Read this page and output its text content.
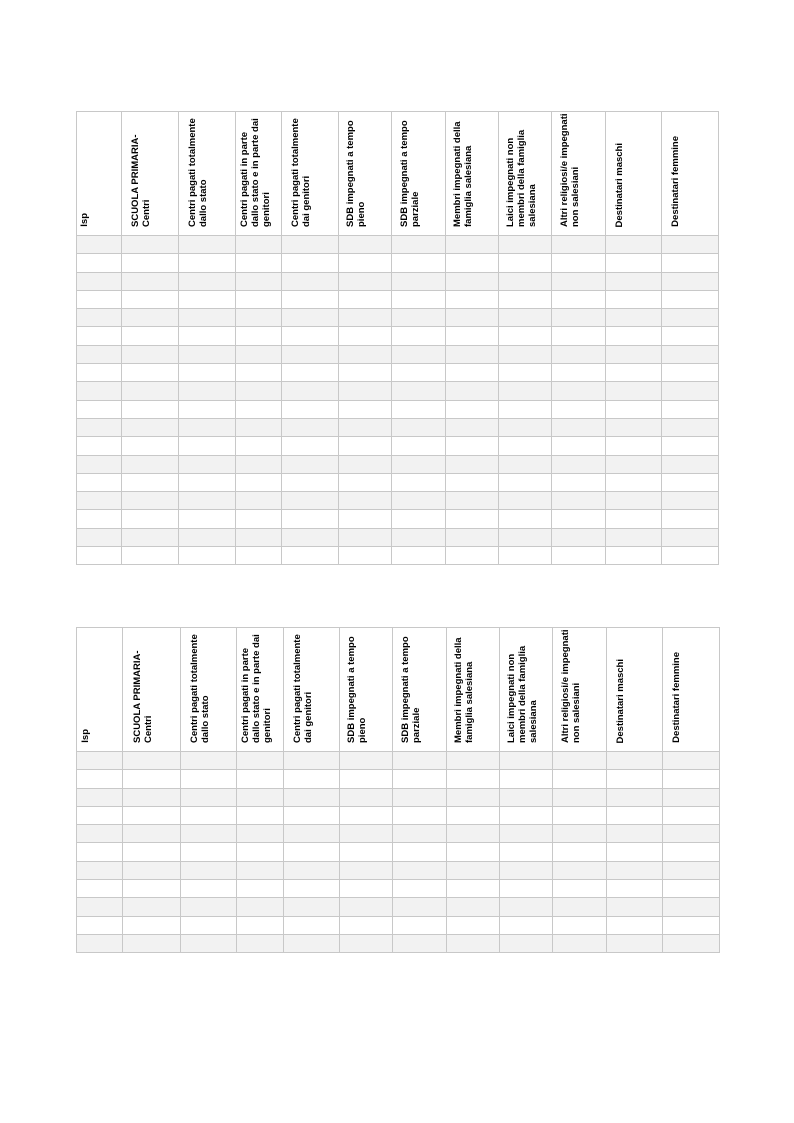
Isp	SCUOLA PRIMARIA- Centri	Centri pagati totalmente dallo stato	Centri pagati in parte dallo stato e in parte dai genitori	Centri pagati totalmente dai genitori	SDB impegnati a tempo pieno	SDB impegnati a tempo parziale	Membri impegnati della famiglia salesiana	Laici impegnati non membri della famiglia salesiana	Altri religiosi/e impegnati non salesiani	Destinatari maschi	Destinatari femmine

Isp	SCUOLA PRIMARIA- Centri	Centri pagati totalmente dallo stato	Centri pagati in parte dallo stato e in parte dai genitori	Centri pagati totalmente dai genitori	SDB impegnati a tempo pieno	SDB impegnati a tempo parziale	Membri impegnati della famiglia salesiana	Laici impegnati non membri della famiglia salesiana	Altri religiosi/e impegnati non salesiani	Destinatari maschi	Destinatari femmine
